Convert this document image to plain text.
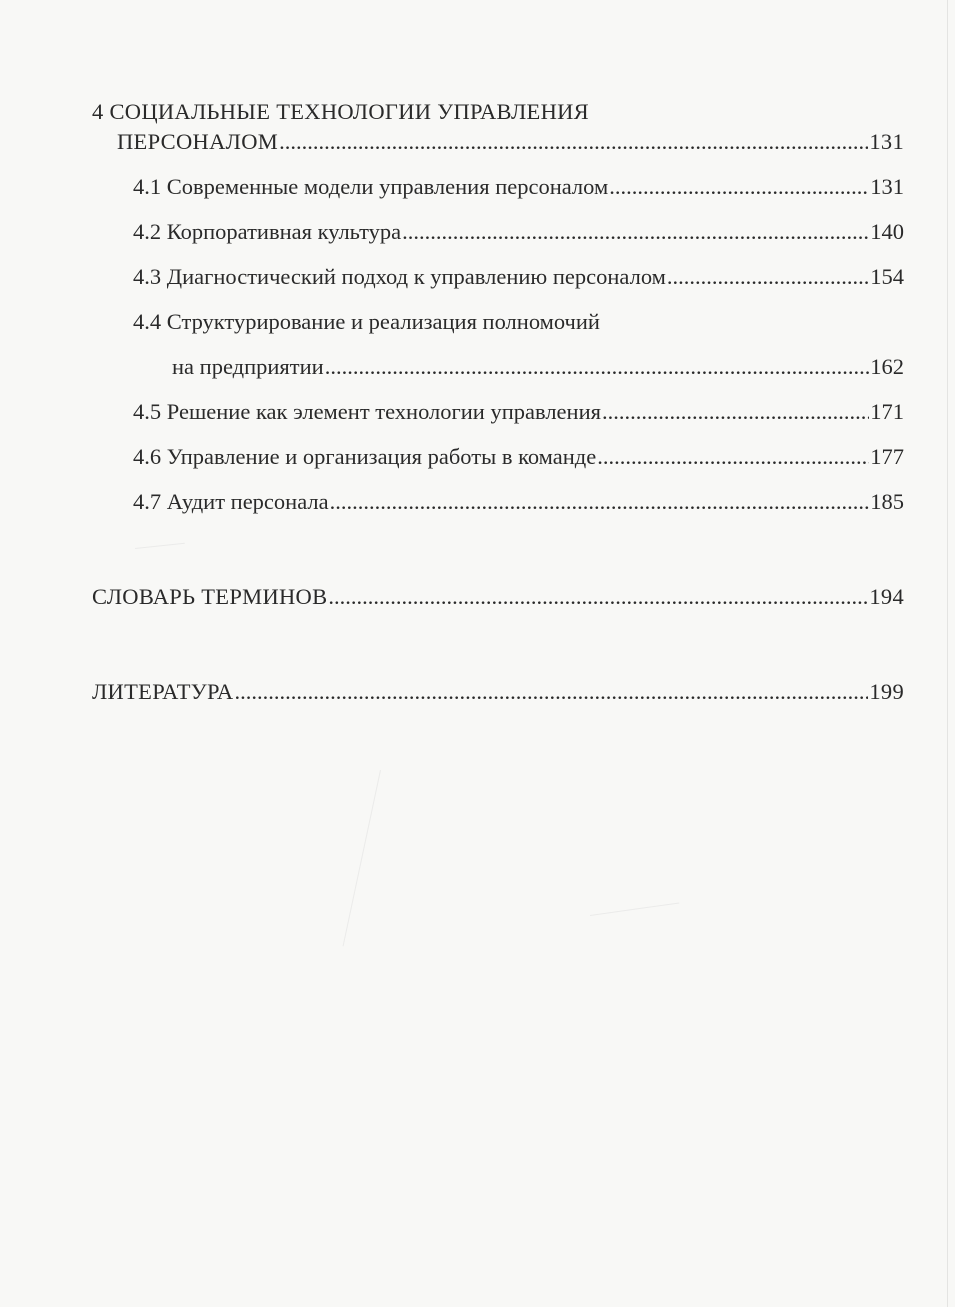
4 СОЦИАЛЬНЫЕ ТЕХНОЛОГИИ УПРАВЛЕНИЯ
ПЕРСОНАЛОМ .....	131
4.1 Современные модели управления персоналом .....	131
4.2 Корпоративная культура .....	140
4.3 Диагностический подход к управлению персоналом .....	154
4.4 Структурирование и реализация полномочий
на предприятии .....	162
4.5 Решение как элемент технологии управления .....	171
4.6 Управление и организация работы в команде .....	177
4.7 Аудит персонала .....	185
СЛОВАРЬ ТЕРМИНОВ .....	194
ЛИТЕРАТУРА .....	199
